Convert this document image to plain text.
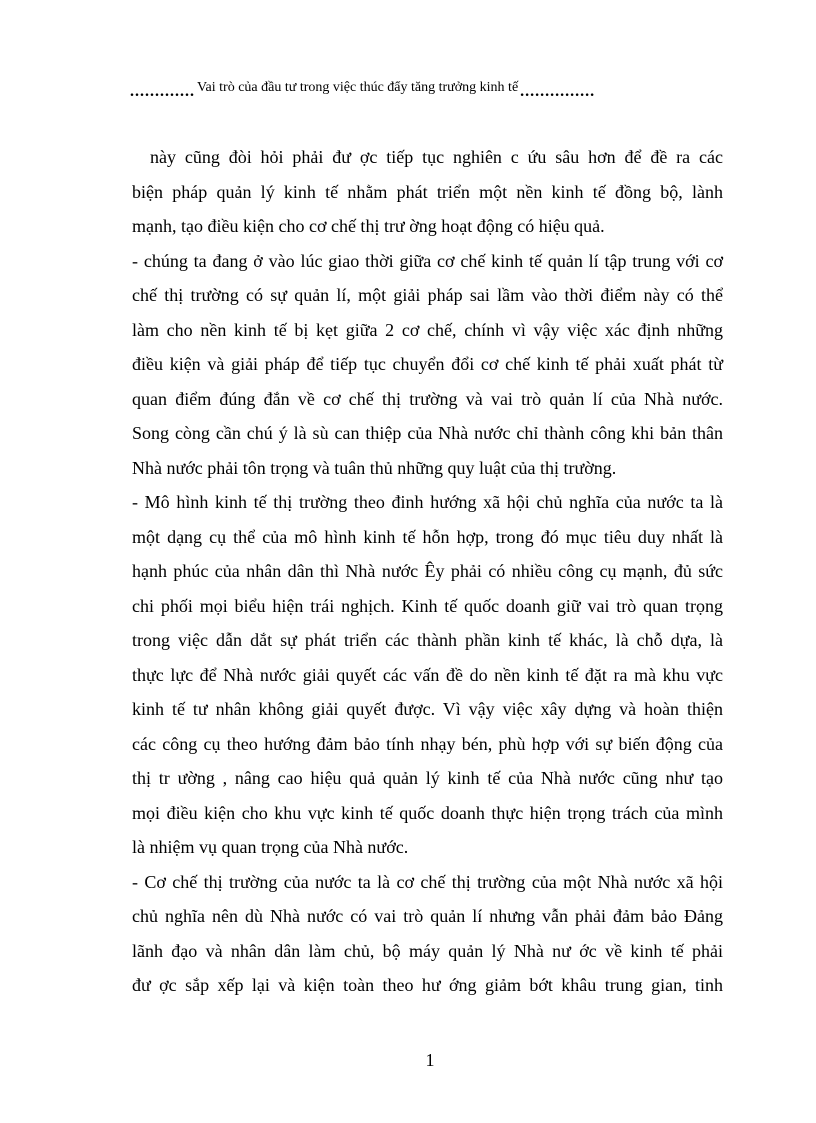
............. Vai trò của đầu tư trong việc thúc đẩy tăng trưởng kinh tế ...............
này cũng đòi hỏi phải đư ợc tiếp tục nghiên c ứu sâu hơn để đề ra các
biện pháp quản lý kinh tế nhằm phát triển một nền kinh tế đồng bộ, lành
mạnh, tạo điều kiện cho cơ chế thị trư ờng hoạt động có hiệu quả.
- chúng ta đang ở vào lúc giao thời giữa cơ chế kinh tế quản lí tập trung với cơ
chế thị trường có sự quản lí, một giải pháp sai lầm vào thời điểm này có thể
làm cho nền kinh tế bị kẹt giữa 2 cơ chế, chính vì vậy việc xác định những
điều kiện và giải pháp để tiếp tục chuyển đổi cơ chế kinh tế phải xuất phát từ
quan điểm đúng đắn về cơ chế thị trường và vai trò quản lí của Nhà nước.
Song còng cần chú ý là sù can thiệp của Nhà nước chỉ thành công khi bản thân
Nhà nước phải tôn trọng và tuân thủ những quy luật của thị trường.
- Mô hình kinh tế thị trường theo đinh hướng xã hội chủ nghĩa của nước ta là
một dạng cụ thể của mô hình kinh tế hỗn hợp, trong đó mục tiêu duy nhất là
hạnh phúc của nhân dân thì Nhà nước Êy phải có nhiều công cụ mạnh, đủ sức
chi phối mọi biểu hiện trái nghịch. Kinh tế quốc doanh giữ vai trò quan trọng
trong việc dẫn dắt sự phát triển các thành phần kinh tế khác, là chỗ dựa, là
thực lực để Nhà nước giải quyết các vấn đề do nền kinh tế đặt ra mà khu vực
kinh tế tư nhân không giải quyết được. Vì vậy việc xây dựng và hoàn thiện
các công cụ theo hướng đảm bảo tính nhạy bén, phù hợp với sự biến động của
thị tr ường , nâng cao hiệu quả quản lý kinh tế của Nhà nước cũng như tạo
mọi điều kiện cho khu vực kinh tế quốc doanh thực hiện trọng trách của mình
là nhiệm vụ quan trọng của Nhà nước.
- Cơ chế thị trường của nước ta là cơ chế thị trường của một Nhà nước xã hội
chủ nghĩa nên dù Nhà nước có vai trò quản lí nhưng vẫn phải đảm bảo Đảng
lãnh đạo và nhân dân làm chủ, bộ máy quản lý Nhà nư ớc về kinh tế phải
đư ợc sắp xếp lại và kiện toàn theo hư ớng giảm bớt khâu trung gian, tinh
1
